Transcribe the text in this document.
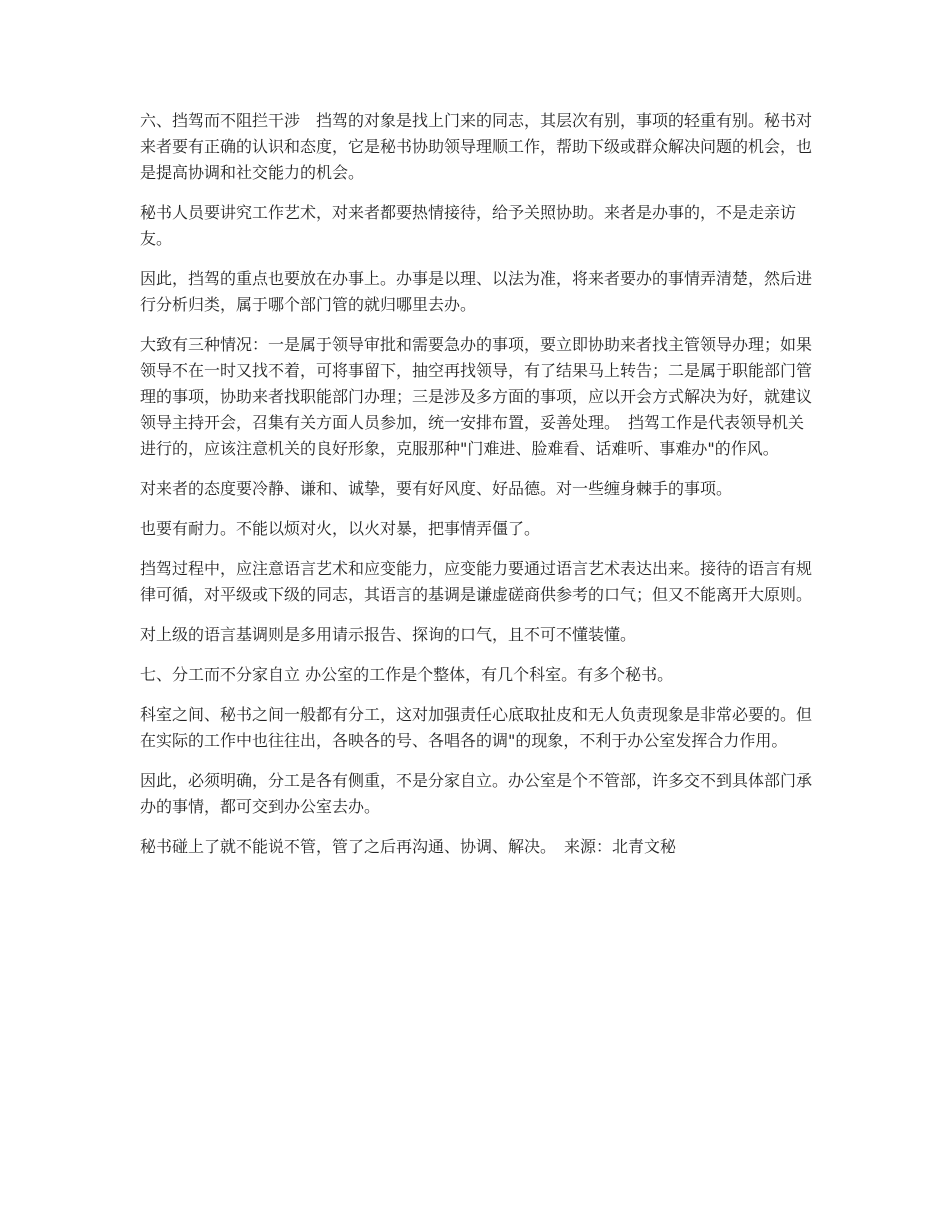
六、挡驾而不阻拦干涉　挡驾的对象是找上门来的同志，其层次有别，事项的轻重有别。秘书对来者要有正确的认识和态度，它是秘书协助领导理顺工作，帮助下级或群众解决问题的机会，也是提高协调和社交能力的机会。

秘书人员要讲究工作艺术，对来者都要热情接待，给予关照协助。来者是办事的，不是走亲访友。

因此，挡驾的重点也要放在办事上。办事是以理、以法为准，将来者要办的事情弄清楚，然后进行分析归类，属于哪个部门管的就归哪里去办。

大致有三种情况：一是属于领导审批和需要急办的事项，要立即协助来者找主管领导办理；如果领导不在一时又找不着，可将事留下，抽空再找领导，有了结果马上转告；二是属于职能部门管理的事项，协助来者找职能部门办理；三是涉及多方面的事项，应以开会方式解决为好，就建议领导主持开会，召集有关方面人员参加，统一安排布置，妥善处理。　挡驾工作是代表领导机关进行的，应该注意机关的良好形象，克服那种"门难进、脸难看、话难听、事难办"的作风。

对来者的态度要冷静、谦和、诚挚，要有好风度、好品德。对一些缠身棘手的事项。

也要有耐力。不能以烦对火，以火对暴，把事情弄僵了。

挡驾过程中，应注意语言艺术和应变能力，应变能力要通过语言艺术表达出来。接待的语言有规律可循，对平级或下级的同志，其语言的基调是谦虚磋商供参考的口气；但又不能离开大原则。

对上级的语言基调则是多用请示报告、探询的口气，且不可不懂装懂。

七、分工而不分家自立 办公室的工作是个整体，有几个科室。有多个秘书。

科室之间、秘书之间一般都有分工，这对加强责任心底取扯皮和无人负责现象是非常必要的。但在实际的工作中也往往出，各映各的号、各唱各的调"的现象，不利于办公室发挥合力作用。

因此，必须明确，分工是各有侧重，不是分家自立。办公室是个不管部，许多交不到具体部门承办的事情，都可交到办公室去办。

秘书碰上了就不能说不管，管了之后再沟通、协调、解决。　来源：北青文秘
